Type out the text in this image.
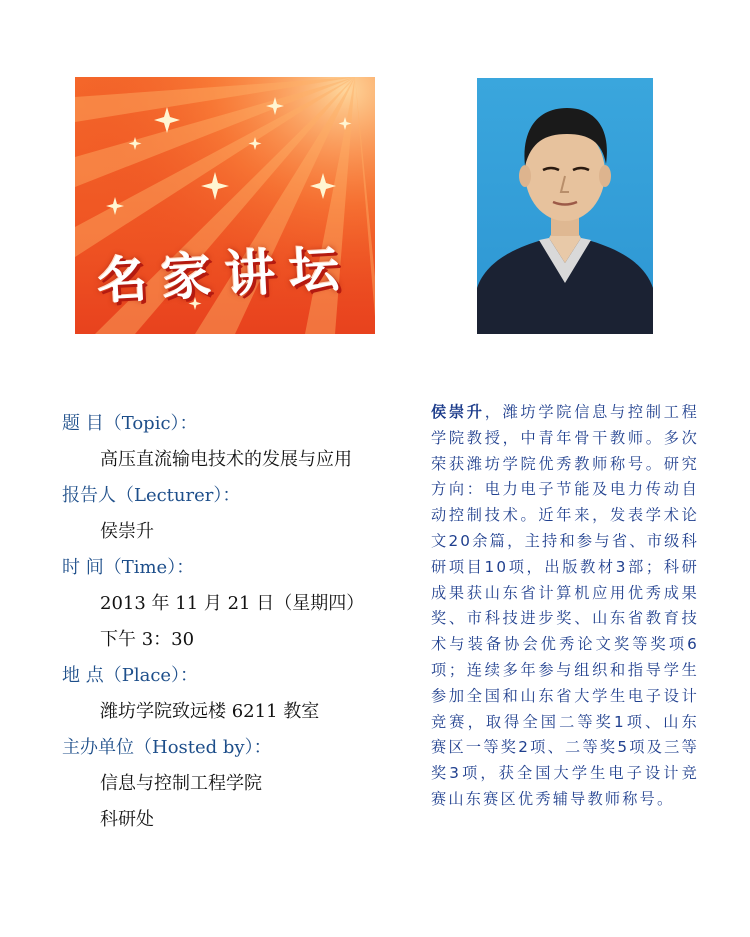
名家讲坛
题 目（Topic）：
高压直流输电技术的发展与应用
报告人（Lecturer）：
侯崇升
时 间（Time）：
2013 年 11 月 21 日（星期四）
下午 3：30
地 点（Place）：
潍坊学院致远楼 6211 教室
主办单位（Hosted by）：
信息与控制工程学院
科研处
侯崇升，潍坊学院信息与控制工程学院教授，中青年骨干教师。多次荣获潍坊学院优秀教师称号。研究方向：电力电子节能及电力传动自动控制技术。近年来，发表学术论文20余篇，主持和参与省、市级科研项目10项，出版教材3部；科研成果获山东省计算机应用优秀成果奖、市科技进步奖、山东省教育技术与装备协会优秀论文奖等奖项6项；连续多年参与组织和指导学生参加全国和山东省大学生电子设计竞赛，取得全国二等奖1项、山东赛区一等奖2项、二等奖5项及三等奖3项，获全国大学生电子设计竞赛山东赛区优秀辅导教师称号。
